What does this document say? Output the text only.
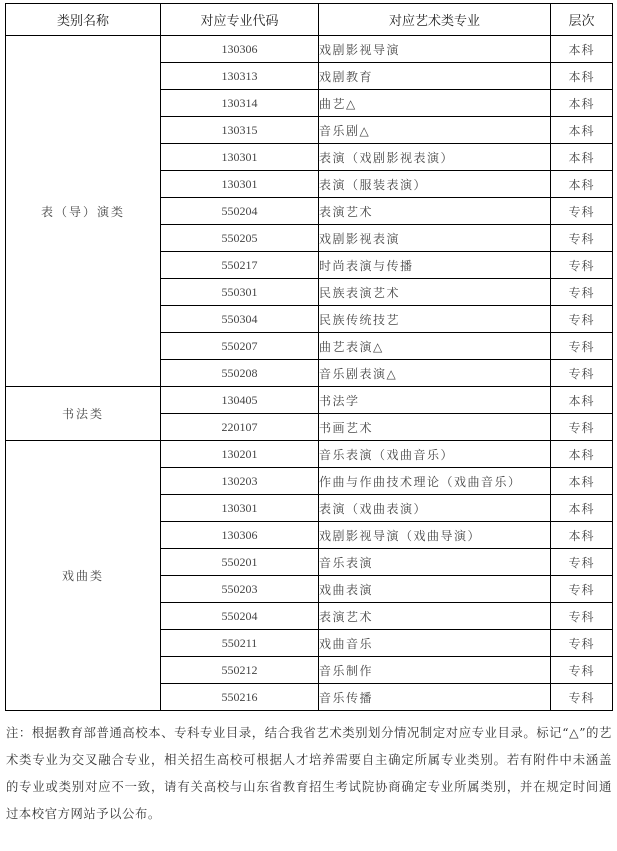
类别名称	对应专业代码	对应艺术类专业	层次
表（导）演类	130306	戏剧影视导演	本科
	130313	戏剧教育	本科
	130314	曲艺△	本科
	130315	音乐剧△	本科
	130301	表演（戏剧影视表演）	本科
	130301	表演（服装表演）	本科
	550204	表演艺术	专科
	550205	戏剧影视表演	专科
	550217	时尚表演与传播	专科
	550301	民族表演艺术	专科
	550304	民族传统技艺	专科
	550207	曲艺表演△	专科
	550208	音乐剧表演△	专科
书法类	130405	书法学	本科
	220107	书画艺术	专科
戏曲类	130201	音乐表演（戏曲音乐）	本科
	130203	作曲与作曲技术理论（戏曲音乐）	本科
	130301	表演（戏曲表演）	本科
	130306	戏剧影视导演（戏曲导演）	本科
	550201	音乐表演	专科
	550203	戏曲表演	专科
	550204	表演艺术	专科
	550211	戏曲音乐	专科
	550212	音乐制作	专科
	550216	音乐传播	专科

注：根据教育部普通高校本、专科专业目录，结合我省艺术类别划分情况制定对应专业目录。标记“△”的艺术类专业为交叉融合专业，相关招生高校可根据人才培养需要自主确定所属专业类别。若有附件中未涵盖的专业或类别对应不一致，请有关高校与山东省教育招生考试院协商确定专业所属类别，并在规定时间通过本校官方网站予以公布。
